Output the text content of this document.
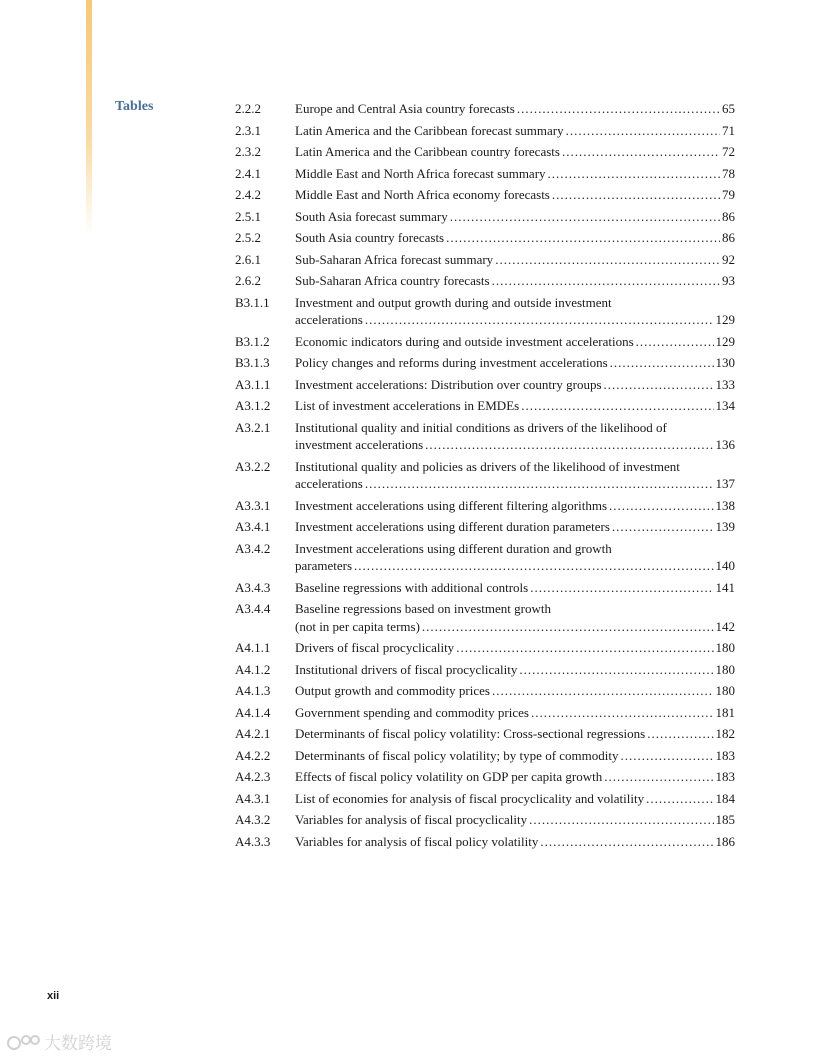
Tables	2.2.2	Europe and Central Asia country forecasts .....	65
2.3.1	Latin America and the Caribbean forecast summary .....	71
2.3.2	Latin America and the Caribbean country forecasts .....	72
2.4.1	Middle East and North Africa forecast summary .....	78
2.4.2	Middle East and North Africa economy forecasts .....	79
2.5.1	South Asia forecast summary .....	86
2.5.2	South Asia country forecasts .....	86
2.6.1	Sub-Saharan Africa forecast summary .....	92
2.6.2	Sub-Saharan Africa country forecasts .....	93
B3.1.1	Investment and output growth during and outside investment
accelerations .....	129
B3.1.2	Economic indicators during and outside investment accelerations .....	129
B3.1.3	Policy changes and reforms during investment accelerations .....	130
A3.1.1	Investment accelerations: Distribution over country groups .....	133
A3.1.2	List of investment accelerations in EMDEs .....	134
A3.2.1	Institutional quality and initial conditions as drivers of the likelihood of
investment accelerations .....	136
A3.2.2	Institutional quality and policies as drivers of the likelihood of investment
accelerations .....	137
A3.3.1	Investment accelerations using different filtering algorithms .....	138
A3.4.1	Investment accelerations using different duration parameters .....	139
A3.4.2	Investment accelerations using different duration and growth
parameters .....	140
A3.4.3	Baseline regressions with additional controls .....	141
A3.4.4	Baseline regressions based on investment growth
(not in per capita terms) .....	142
A4.1.1	Drivers of fiscal procyclicality .....	180
A4.1.2	Institutional drivers of fiscal procyclicality .....	180
A4.1.3	Output growth and commodity prices .....	180
A4.1.4	Government spending and commodity prices .....	181
A4.2.1	Determinants of fiscal policy volatility: Cross-sectional regressions .....	182
A4.2.2	Determinants of fiscal policy volatility; by type of commodity .....	183
A4.2.3	Effects of fiscal policy volatility on GDP per capita growth .....	183
A4.3.1	List of economies for analysis of fiscal procyclicality and volatility .....	184
A4.3.2	Variables for analysis of fiscal procyclicality .....	185
A4.3.3	Variables for analysis of fiscal policy volatility .....	186
xii
大数跨境
